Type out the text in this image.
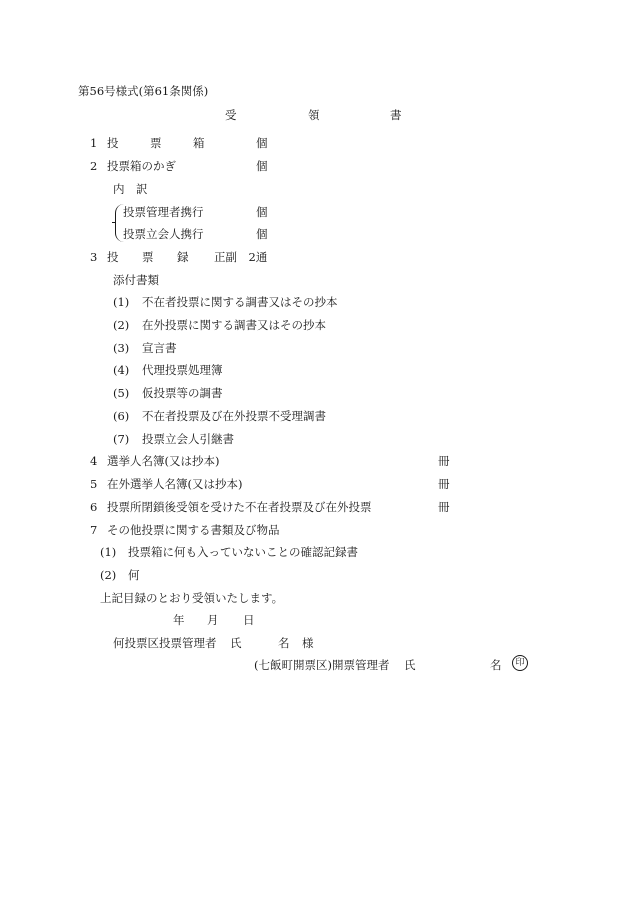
第56号様式(第61条関係)
受	領	書
1 投	票	箱	個
2 投票箱のかぎ	個
内　訳
投票管理者携行	個
投票立会人携行	個
3 投 票 録 正副　2通
添付書類
(1) 不在者投票に関する調書又はその抄本
(2) 在外投票に関する調書又はその抄本
(3) 宣言書
(4) 代理投票処理簿
(5) 仮投票等の調書
(6) 不在者投票及び在外投票不受理調書
(7) 投票立会人引継書
4 選挙人名簿(又は抄本)	冊
5 在外選挙人名簿(又は抄本)	冊
6 投票所閉鎖後受領を受けた不在者投票及び在外投票	冊
7 その他投票に関する書類及び物品
(1) 投票箱に何も入っていないことの確認記録書
(2) 何
上記目録のとおり受領いたします。
年 月 日
何投票区投票管理者 氏	名 様
(七飯町開票区)開票管理者 氏	名	印
